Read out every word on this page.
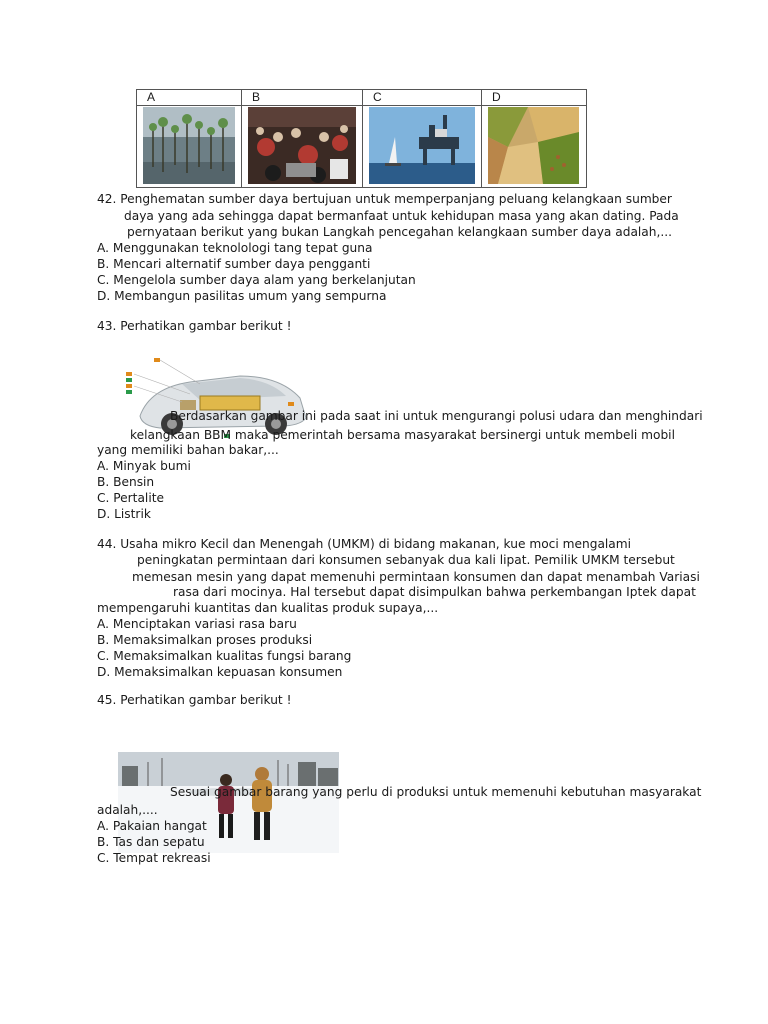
A	B	C	D
42. Penghematan sumber daya bertujuan untuk memperpanjang peluang kelangkaan sumber
daya yang ada sehingga dapat bermanfaat untuk kehidupan masa yang akan dating. Pada
pernyataan berikut yang bukan Langkah pencegahan kelangkaan sumber daya adalah,...
A. Menggunakan teknolologi tang tepat guna
B. Mencari alternatif sumber daya pengganti
C. Mengelola sumber daya alam yang berkelanjutan
D. Membangun pasilitas umum yang sempurna
43. Perhatikan gambar berikut !
Berdasarkan gambar ini pada saat ini untuk mengurangi polusi udara dan menghindari
kelangkaan BBM maka pemerintah bersama masyarakat bersinergi untuk membeli mobil
yang memiliki bahan bakar,...
A. Minyak bumi
B. Bensin
C. Pertalite
D. Listrik
44. Usaha mikro Kecil dan Menengah (UMKM) di bidang makanan, kue moci mengalami
peningkatan permintaan dari konsumen sebanyak dua kali lipat. Pemilik UMKM tersebut
memesan mesin yang dapat memenuhi permintaan konsumen dan dapat menambah Variasi
rasa dari mocinya. Hal tersebut dapat disimpulkan bahwa perkembangan Iptek dapat
mempengaruhi kuantitas dan kualitas produk supaya,...
A. Menciptakan variasi rasa baru
B. Memaksimalkan proses produksi
C. Memaksimalkan kualitas fungsi barang
D. Memaksimalkan kepuasan konsumen
45. Perhatikan gambar berikut !
Sesuai gambar barang yang perlu di produksi untuk memenuhi kebutuhan masyarakat
adalah,....
A. Pakaian hangat
B. Tas dan sepatu
C. Tempat rekreasi
